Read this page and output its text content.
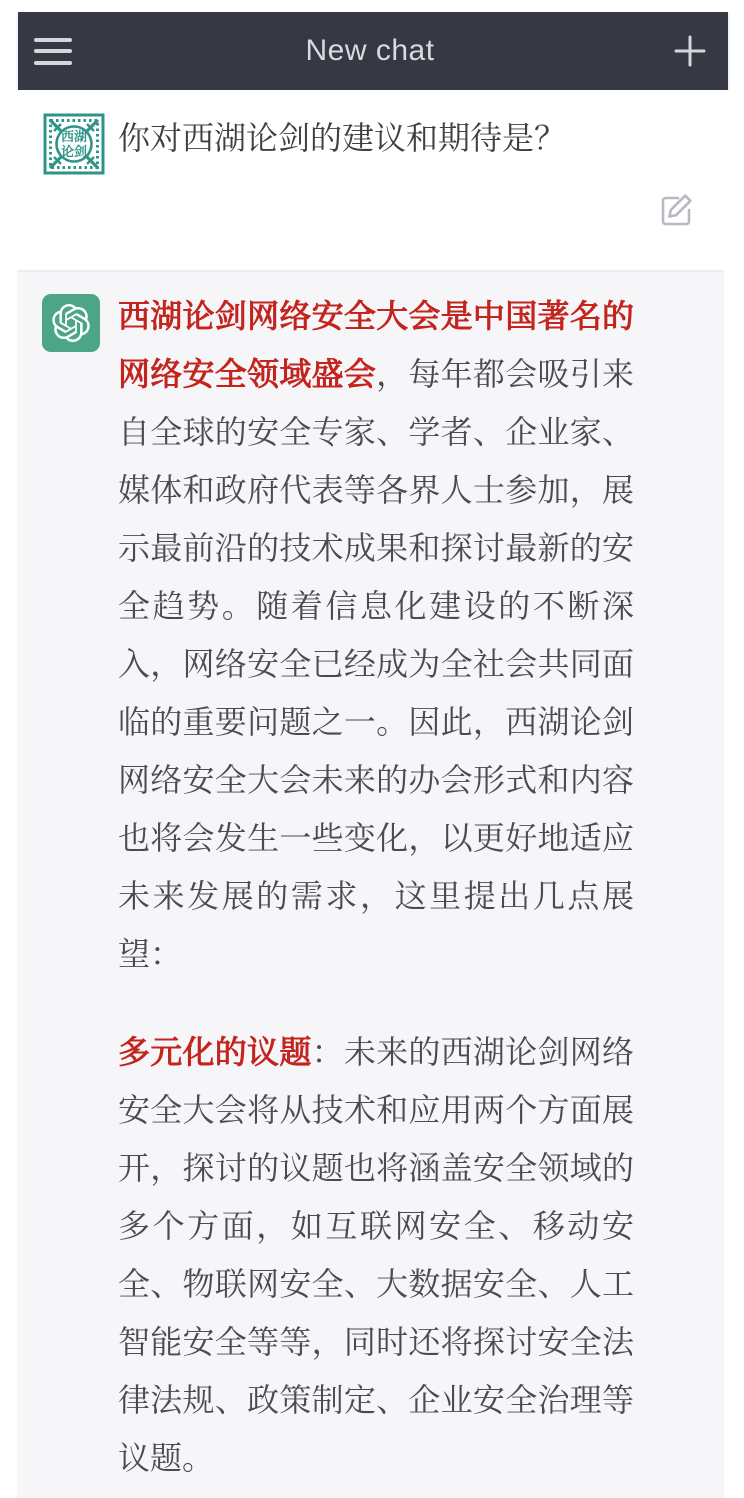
New chat
西湖
论剑 你对西湖论剑的建议和期待是？

西湖论剑网络安全大会是中国著名的网络安全领域盛会，每年都会吸引来自全球的安全专家、学者、企业家、媒体和政府代表等各界人士参加，展示最前沿的技术成果和探讨最新的安全趋势。随着信息化建设的不断深入，网络安全已经成为全社会共同面临的重要问题之一。因此，西湖论剑网络安全大会未来的办会形式和内容也将会发生一些变化，以更好地适应未来发展的需求，这里提出几点展望：

多元化的议题：未来的西湖论剑网络安全大会将从技术和应用两个方面展开，探讨的议题也将涵盖安全领域的多个方面，如互联网安全、移动安全、物联网安全、大数据安全、人工智能安全等等，同时还将探讨安全法律法规、政策制定、企业安全治理等议题。
